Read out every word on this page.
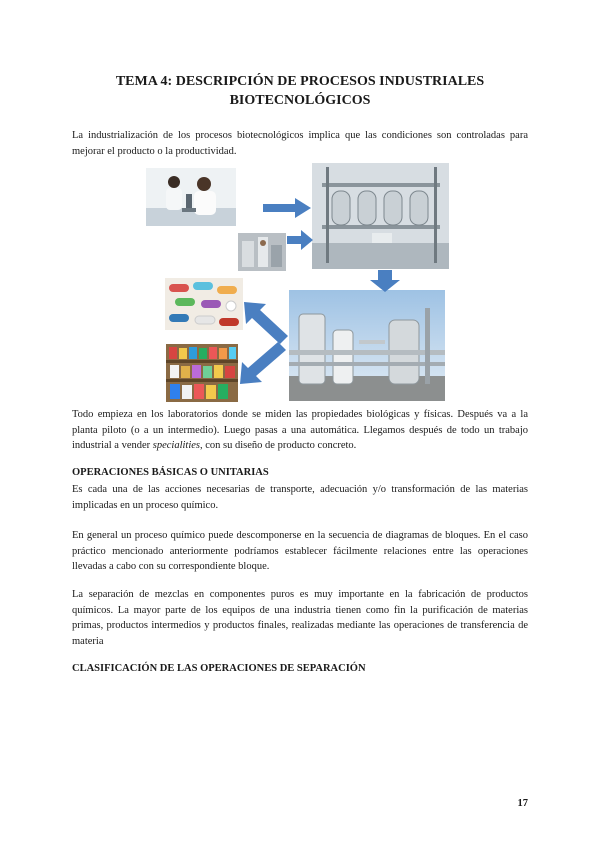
TEMA 4: DESCRIPCIÓN DE PROCESOS INDUSTRIALES
BIOTECNOLÓGICOS
La industrialización de los procesos biotecnológicos implica que las condiciones son controladas para mejorar el producto o la productividad.
Todo empieza en los laboratorios donde se miden las propiedades biológicas y físicas. Después va a la planta piloto (o a un intermedio). Luego pasas a una automática. Llegamos después de todo un trabajo industrial a vender specialities, con su diseño de producto concreto.
OPERACIONES BÁSICAS O UNITARIAS
Es cada una de las acciones necesarias de transporte, adecuación y/o transformación de las materias implicadas en un proceso químico.
En general un proceso químico puede descomponerse en la secuencia de diagramas de bloques. En el caso práctico mencionado anteriormente podríamos establecer fácilmente relaciones entre las operaciones llevadas a cabo con su correspondiente bloque.
La separación de mezclas en componentes puros es muy importante en la fabricación de productos químicos. La mayor parte de los equipos de una industria tienen como fin la purificación de materias primas, productos intermedios y productos finales, realizadas mediante las operaciones de transferencia de materia
CLASIFICACIÓN DE LAS OPERACIONES DE SEPARACIÓN
17
